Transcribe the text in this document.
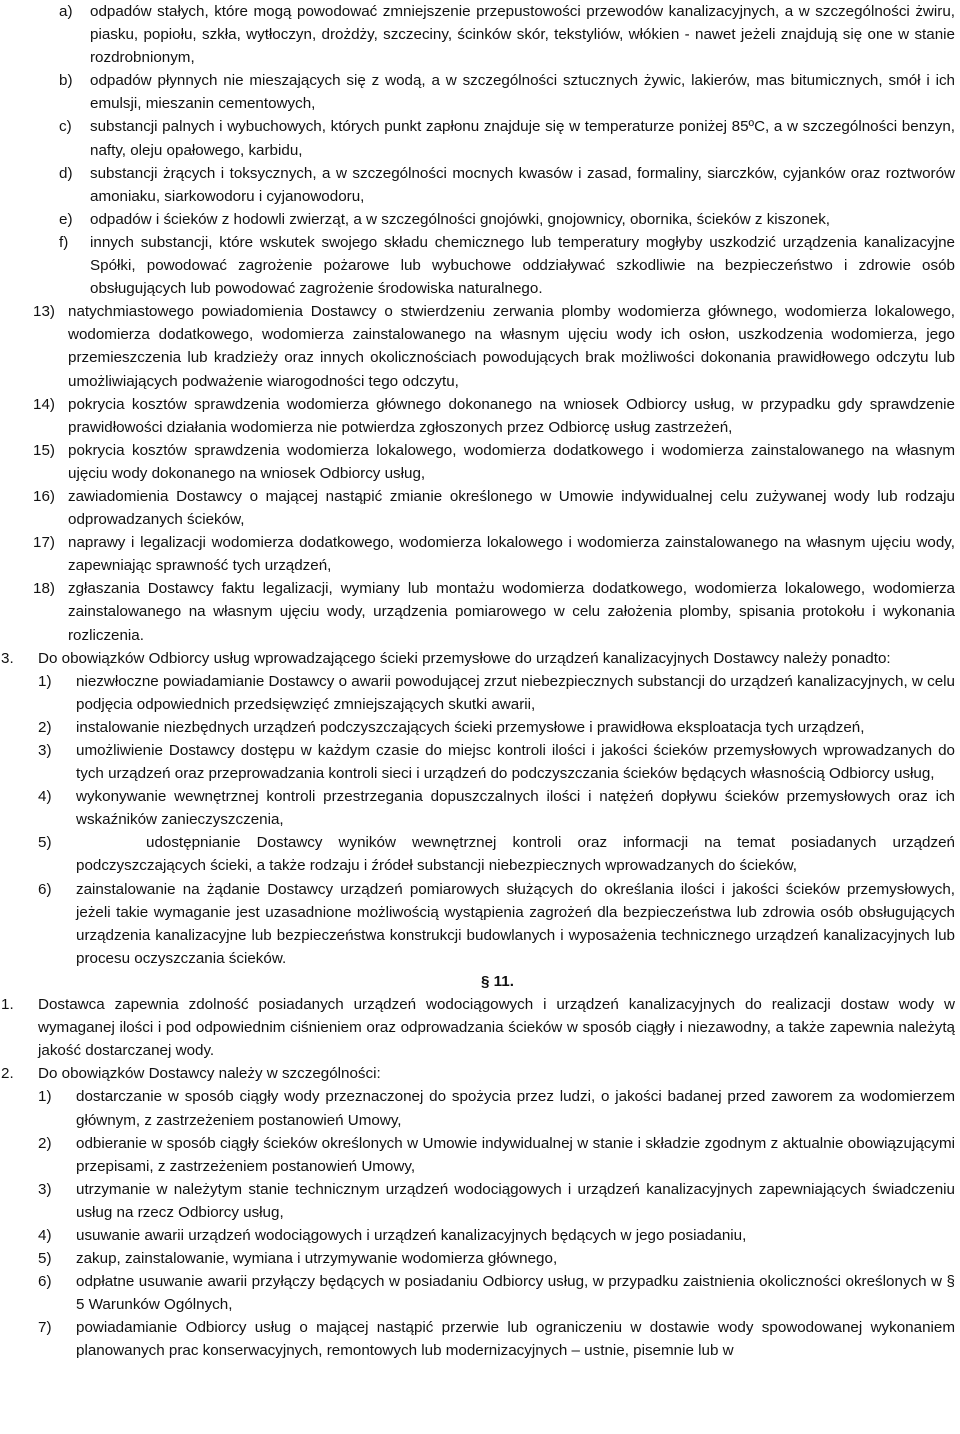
a) odpadów stałych, które mogą powodować zmniejszenie przepustowości przewodów kanalizacyjnych, a w szczególności żwiru, piasku, popiołu, szkła, wytłoczyn, drożdży, szczeciny, ścinków skór, tekstyliów, włókien - nawet jeżeli znajdują się one w stanie rozdrobnionym,

b) odpadów płynnych nie mieszających się z wodą, a w szczególności sztucznych żywic, lakierów, mas bitumicznych, smół i ich emulsji, mieszanin cementowych,

c) substancji palnych i wybuchowych, których punkt zapłonu znajduje się w temperaturze poniżej 85ºC, a w szczególności benzyn, nafty, oleju opałowego, karbidu,

d) substancji żrących i toksycznych, a w szczególności mocnych kwasów i zasad, formaliny, siarczków, cyjanków oraz roztworów amoniaku, siarkowodoru i cyjanowodoru,

e) odpadów i ścieków z hodowli zwierząt, a w szczególności gnojówki, gnojownicy, obornika, ścieków z kiszonek,

f) innych substancji, które wskutek swojego składu chemicznego lub temperatury mogłyby uszkodzić urządzenia kanalizacyjne Spółki, powodować zagrożenie pożarowe lub wybuchowe oddziaływać szkodliwie na bezpieczeństwo i zdrowie osób obsługujących lub powodować zagrożenie środowiska naturalnego.

13) natychmiastowego powiadomienia Dostawcy o stwierdzeniu zerwania plomby wodomierza głównego, wodomierza lokalowego, wodomierza dodatkowego, wodomierza zainstalowanego na własnym ujęciu wody ich osłon, uszkodzenia wodomierza, jego przemieszczenia lub kradzieży oraz innych okolicznościach powodujących brak możliwości dokonania prawidłowego odczytu lub umożliwiających podważenie wiarogodności tego odczytu,

14) pokrycia kosztów sprawdzenia wodomierza głównego dokonanego na wniosek Odbiorcy usług, w przypadku gdy sprawdzenie prawidłowości działania wodomierza nie potwierdza zgłoszonych przez Odbiorcę usług zastrzeżeń,

15) pokrycia kosztów sprawdzenia wodomierza lokalowego, wodomierza dodatkowego i wodomierza zainstalowanego na własnym ujęciu wody dokonanego na wniosek Odbiorcy usług,

16) zawiadomienia Dostawcy o mającej nastąpić zmianie określonego w Umowie indywidualnej celu zużywanej wody lub rodzaju odprowadzanych ścieków,

17) naprawy i legalizacji wodomierza dodatkowego, wodomierza lokalowego i wodomierza zainstalowanego na własnym ujęciu wody, zapewniając sprawność tych urządzeń,

18) zgłaszania Dostawcy faktu legalizacji, wymiany lub montażu wodomierza dodatkowego, wodomierza lokalowego, wodomierza zainstalowanego na własnym ujęciu wody, urządzenia pomiarowego w celu założenia plomby, spisania protokołu i wykonania rozliczenia.

3. Do obowiązków Odbiorcy usług wprowadzającego ścieki przemysłowe do urządzeń kanalizacyjnych Dostawcy należy ponadto:

1) niezwłoczne powiadamianie Dostawcy o awarii powodującej zrzut niebezpiecznych substancji do urządzeń kanalizacyjnych, w celu podjęcia odpowiednich przedsięwzięć zmniejszających skutki awarii,

2) instalowanie niezbędnych urządzeń podczyszczających ścieki przemysłowe i prawidłowa eksploatacja tych urządzeń,

3) umożliwienie Dostawcy dostępu w każdym czasie do miejsc kontroli ilości i jakości ścieków przemysłowych wprowadzanych do tych urządzeń oraz przeprowadzania kontroli sieci i urządzeń do podczyszczania ścieków będących własnością Odbiorcy usług,

4) wykonywanie wewnętrznej kontroli przestrzegania dopuszczalnych ilości i natężeń dopływu ścieków przemysłowych oraz ich wskaźników zanieczyszczenia,

5)	udostępnianie Dostawcy wyników wewnętrznej kontroli oraz informacji na temat posiadanych urządzeń podczyszczających ścieki, a także rodzaju i źródeł substancji niebezpiecznych wprowadzanych do ścieków,

6) zainstalowanie na żądanie Dostawcy urządzeń pomiarowych służących do określania ilości i jakości ścieków przemysłowych, jeżeli takie wymaganie jest uzasadnione możliwością wystąpienia zagrożeń dla bezpieczeństwa lub zdrowia osób obsługujących urządzenia kanalizacyjne lub bezpieczeństwa konstrukcji budowlanych i wyposażenia technicznego urządzeń kanalizacyjnych lub procesu oczyszczania ścieków.

§ 11.

1. Dostawca zapewnia zdolność posiadanych urządzeń wodociągowych i urządzeń kanalizacyjnych do realizacji dostaw wody w wymaganej ilości i pod odpowiednim ciśnieniem oraz odprowadzania ścieków w sposób ciągły i niezawodny, a także zapewnia należytą jakość dostarczanej wody.

2. Do obowiązków Dostawcy należy w szczególności:

1) dostarczanie w sposób ciągły wody przeznaczonej do spożycia przez ludzi, o jakości badanej przed zaworem za wodomierzem głównym, z zastrzeżeniem postanowień Umowy,

2) odbieranie w sposób ciągły ścieków określonych w Umowie indywidualnej w stanie i składzie zgodnym z aktualnie obowiązującymi przepisami, z zastrzeżeniem postanowień Umowy,

3) utrzymanie w należytym stanie technicznym urządzeń wodociągowych i urządzeń kanalizacyjnych zapewniających świadczeniu usług na rzecz Odbiorcy usług,

4) usuwanie awarii urządzeń wodociągowych i urządzeń kanalizacyjnych będących w jego posiadaniu,

5) zakup, zainstalowanie, wymiana i utrzymywanie wodomierza głównego,

6) odpłatne usuwanie awarii przyłączy będących w posiadaniu Odbiorcy usług, w przypadku zaistnienia okoliczności określonych w § 5 Warunków Ogólnych,

7) powiadamianie Odbiorcy usług o mającej nastąpić przerwie lub ograniczeniu w dostawie wody spowodowanej wykonaniem planowanych prac konserwacyjnych, remontowych lub modernizacyjnych – ustnie, pisemnie lub w
